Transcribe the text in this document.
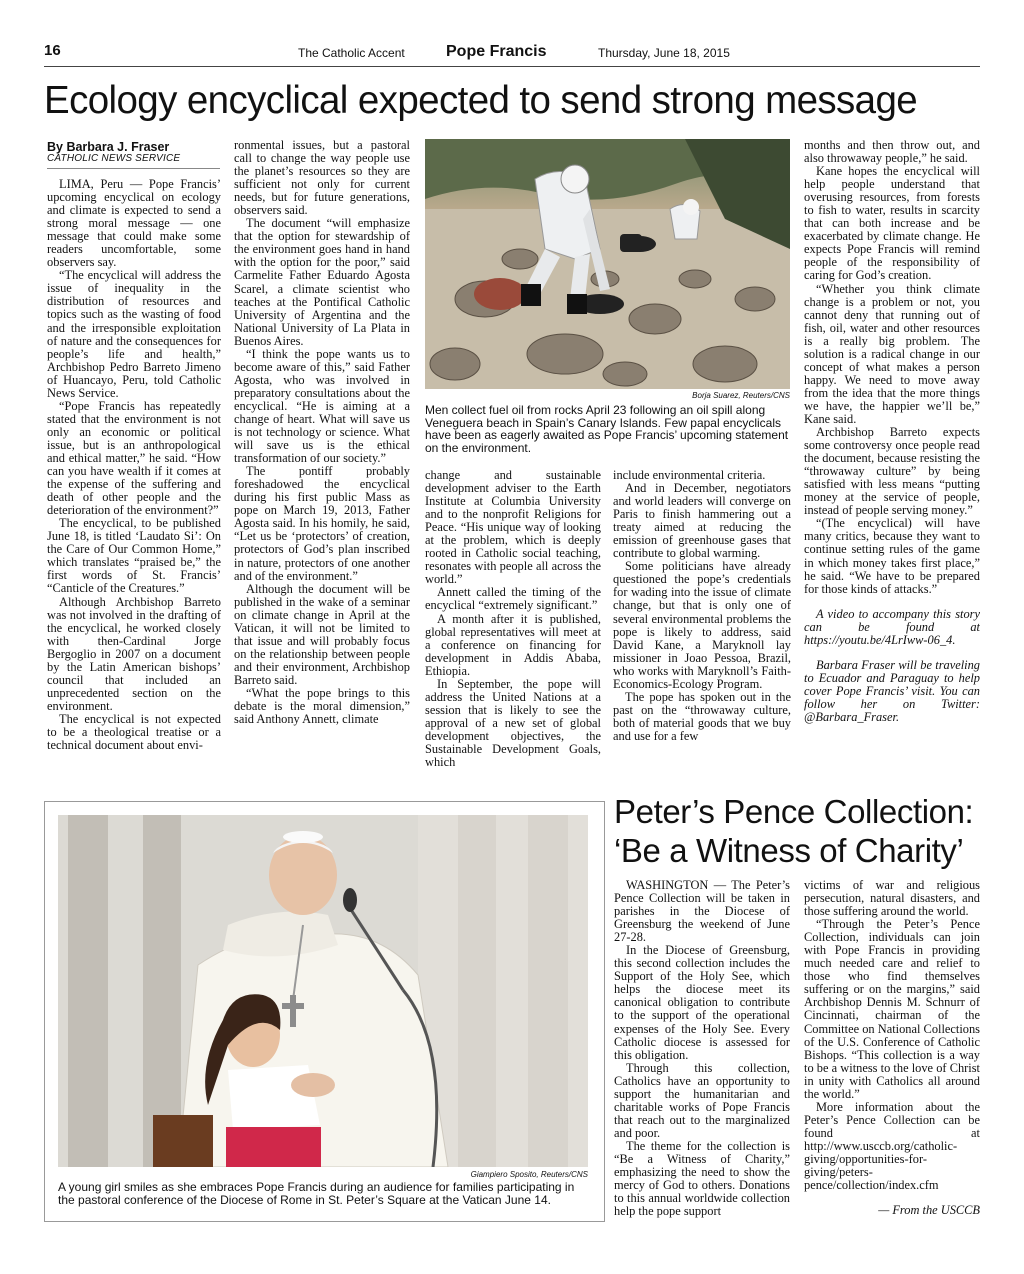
16	The Catholic Accent	Pope Francis	Thursday, June 18, 2015
Ecology encyclical expected to send strong message
By Barbara J. Fraser
CATHOLIC NEWS SERVICE

LIMA, Peru — Pope Francis’ upcoming encyclical on ecology and climate is expected to send a strong moral message — one message that could make some readers uncomfortable, some observers say.

“The encyclical will address the issue of inequality in the distribution of resources and topics such as the wasting of food and the irresponsible exploitation of nature and the consequences for people’s life and health,” Archbishop Pedro Barreto Jimeno of Huancayo, Peru, told Catholic News Service.

“Pope Francis has repeatedly stated that the environment is not only an economic or political issue, but is an anthropological and ethical matter,” he said. “How can you have wealth if it comes at the expense of the suffering and death of other people and the deterioration of the environment?”

The encyclical, to be published June 18, is titled ‘Laudato Si’: On the Care of Our Common Home,” which translates “praised be,” the first words of St. Francis’ “Canticle of the Creatures.”

Although Archbishop Barreto was not involved in the drafting of the encyclical, he worked closely with then-Cardinal Jorge Bergoglio in 2007 on a document by the Latin American bishops’ council that included an unprecedented section on the environment.

The encyclical is not expected to be a theological treatise or a technical document about envi-

ronmental issues, but a pastoral call to change the way people use the planet’s resources so they are sufficient not only for current needs, but for future generations, observers said.

The document “will emphasize that the option for stewardship of the environment goes hand in hand with the option for the poor,” said Carmelite Father Eduardo Agosta Scarel, a climate scientist who teaches at the Pontifical Catholic University of Argentina and the National University of La Plata in Buenos Aires.

“I think the pope wants us to become aware of this,” said Father Agosta, who was involved in preparatory consultations about the encyclical. “He is aiming at a change of heart. What will save us is not technology or science. What will save us is the ethical transformation of our society.”

The pontiff probably foreshadowed the encyclical during his first public Mass as pope on March 19, 2013, Father Agosta said. In his homily, he said, “Let us be ‘protectors’ of creation, protectors of God’s plan inscribed in nature, protectors of one another and of the environment.”

Although the document will be published in the wake of a seminar on climate change in April at the Vatican, it will not be limited to that issue and will probably focus on the relationship between people and their environment, Archbishop Barreto said.

“What the pope brings to this debate is the moral dimension,” said Anthony Annett, climate

Borja Suarez, Reuters/CNS
Men collect fuel oil from rocks April 23 following an oil spill along Veneguera beach in Spain’s Canary Islands. Few papal encyclicals have been as eagerly awaited as Pope Francis’ upcoming statement on the environment.

change and sustainable development adviser to the Earth Institute at Columbia University and to the nonprofit Religions for Peace. “His unique way of looking at the problem, which is deeply rooted in Catholic social teaching, resonates with people all across the world.”

Annett called the timing of the encyclical “extremely significant.”

A month after it is published, global representatives will meet at a conference on financing for development in Addis Ababa, Ethiopia.

In September, the pope will address the United Nations at a session that is likely to see the approval of a new set of global development objectives, the Sustainable Development Goals, which

include environmental criteria.

And in December, negotiators and world leaders will converge on Paris to finish hammering out a treaty aimed at reducing the emission of greenhouse gases that contribute to global warming.

Some politicians have already questioned the pope’s credentials for wading into the issue of climate change, but that is only one of several environmental problems the pope is likely to address, said David Kane, a Maryknoll lay missioner in Joao Pessoa, Brazil, who works with Maryknoll’s Faith-Economics-Ecology Program.

The pope has spoken out in the past on the “throwaway culture, both of material goods that we buy and use for a few

months and then throw out, and also throwaway people,” he said.

Kane hopes the encyclical will help people understand that overusing resources, from forests to fish to water, results in scarcity that can both increase and be exacerbated by climate change. He expects Pope Francis will remind people of the responsibility of caring for God’s creation.

“Whether you think climate change is a problem or not, you cannot deny that running out of fish, oil, water and other resources is a really big problem. The solution is a radical change in our concept of what makes a person happy. We need to move away from the idea that the more things we have, the happier we’ll be,” Kane said.

Archbishop Barreto expects some controversy once people read the document, because resisting the “throwaway culture” by being satisfied with less means “putting money at the service of people, instead of people serving money.”

“(The encyclical) will have many critics, because they want to continue setting rules of the game in which money takes first place,” he said. “We have to be prepared for those kinds of attacks.”

A video to accompany this story can be found at https://youtu.be/4LrIww-06_4.

Barbara Fraser will be traveling to Ecuador and Paraguay to help cover Pope Francis’ visit. You can follow her on Twitter: @Barbara_Fraser.

Giampiero Sposito, Reuters/CNS
A young girl smiles as she embraces Pope Francis during an audience for families participating in the pastoral conference of the Diocese of Rome in St. Peter’s Square at the Vatican June 14.
Peter’s Pence Collection:
‘Be a Witness of Charity’

WASHINGTON — The Peter’s Pence Collection will be taken in parishes in the Diocese of Greensburg the weekend of June 27-28.

In the Diocese of Greensburg, this second collection includes the Support of the Holy See, which helps the diocese meet its canonical obligation to contribute to the support of the operational expenses of the Holy See. Every Catholic diocese is assessed for this obligation.

Through this collection, Catholics have an opportunity to support the humanitarian and charitable works of Pope Francis that reach out to the marginalized and poor.

The theme for the collection is “Be a Witness of Charity,” emphasizing the need to show the mercy of God to others. Donations to this annual worldwide collection help the pope support

victims of war and religious persecution, natural disasters, and those suffering around the world.

“Through the Peter’s Pence Collection, individuals can join with Pope Francis in providing much needed care and relief to those who find themselves suffering or on the margins,” said Archbishop Dennis M. Schnurr of Cincinnati, chairman of the Committee on National Collections of the U.S. Conference of Catholic Bishops. “This collection is a way to be a witness to the love of Christ in unity with Catholics all around the world.”

More information about the Peter’s Pence Collection can be found at http://www.usccb.org/catholic-giving/opportunities-for-giving/peters-pence/collection/index.cfm

— From the USCCB
